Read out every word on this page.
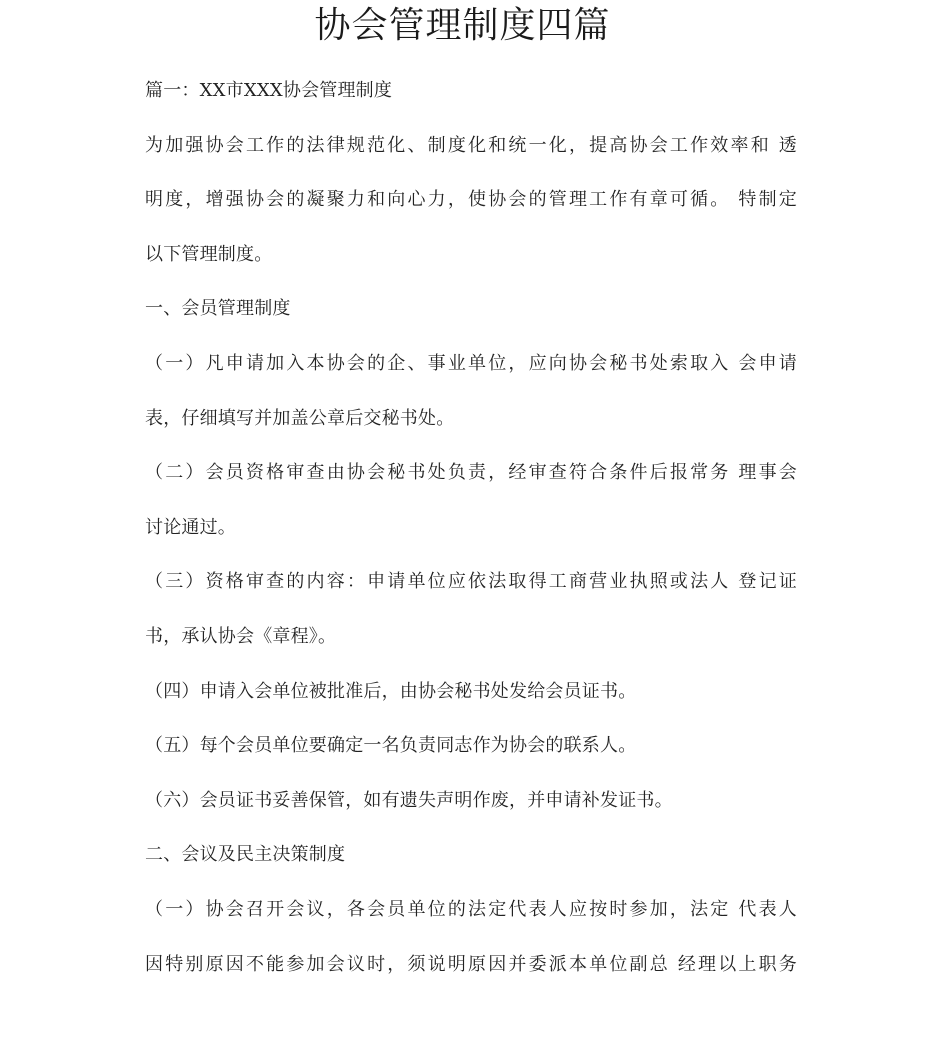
协会管理制度四篇
篇一：XX市XXX协会管理制度
为加强协会工作的法律规范化、制度化和统一化，提高协会工作效率和 透
明度，增强协会的凝聚力和向心力，使协会的管理工作有章可循。 特制定
以下管理制度。
一、会员管理制度
（一）凡申请加入本协会的企、事业单位，应向协会秘书处索取入 会申请
表，仔细填写并加盖公章后交秘书处。
（二）会员资格审查由协会秘书处负责，经审查符合条件后报常务 理事会
讨论通过。
（三）资格审查的内容：申请单位应依法取得工商营业执照或法人 登记证
书，承认协会《章程》。
（四）申请入会单位被批准后，由协会秘书处发给会员证书。
（五）每个会员单位要确定一名负责同志作为协会的联系人。
（六）会员证书妥善保管，如有遗失声明作废，并申请补发证书。
二、会议及民主决策制度
（一）协会召开会议，各会员单位的法定代表人应按时参加，法定 代表人
因特别原因不能参加会议时，须说明原因并委派本单位副总 经理以上职务
